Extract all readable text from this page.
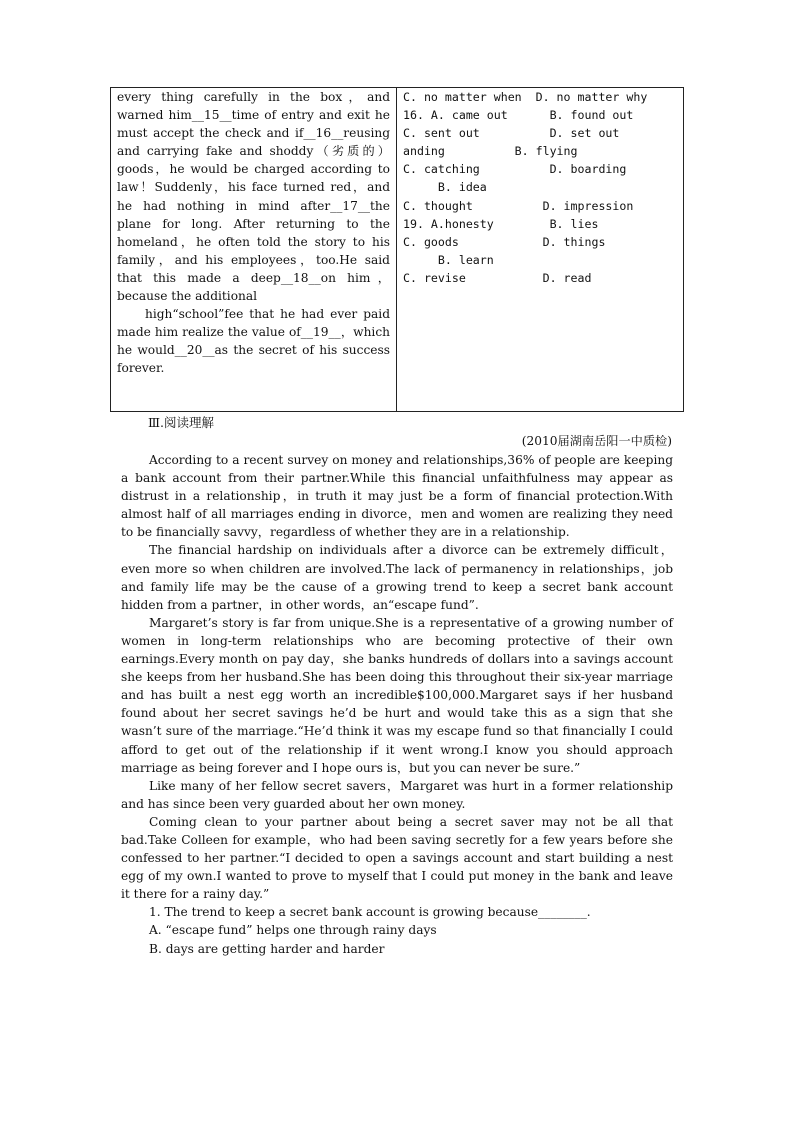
every thing carefully in the box，and warned him__15__time of entry and exit he must accept the check and if__16__reusing and carrying fake and shoddy（劣质的）goods，he would be charged according to law！Suddenly，his face turned red，and he had nothing in mind after__17__the plane for long. After returning to the homeland，he often told the story to his family，and his employees，too.He said that this made a deep__18__on him，because the additional

high“school”fee that he had ever paid made him realize the value of__19__，which he would__20__as the secret of his success forever.

C. no matter when  D. no matter why
16. A. came out      B. found out
C. sent out          D. set out
anding          B. flying
C. catching          D. boarding
B. idea
C. thought          D. impression
19. A.honesty        B. lies
C. goods            D. things
B. learn
C. revise           D. read
Ⅲ.阅读理解
(2010届湖南岳阳一中质检)

According to a recent survey on money and relationships,36% of people are keeping a bank account from their partner.While this financial unfaithfulness may appear as distrust in a relationship，in truth it may just be a form of financial protection.With almost half of all marriages ending in divorce，men and women are realizing they need to be financially savvy，regardless of whether they are in a relationship.

The financial hardship on individuals after a divorce can be extremely difficult，even more so when children are involved.The lack of permanency in relationships，job and family life may be the cause of a growing trend to keep a secret bank account hidden from a partner，in other words，an“escape fund”.

Margaret’s story is far from unique.She is a representative of a growing number of women in long-term relationships who are becoming protective of their own earnings.Every month on pay day，she banks hundreds of dollars into a savings account she keeps from her husband.She has been doing this throughout their six-year marriage and has built a nest egg worth an incredible$100,000.Margaret says if her husband found about her secret savings he’d be hurt and would take this as a sign that she wasn’t sure of the marriage.“He’d think it was my escape fund so that financially I could afford to get out of the relationship if it went wrong.I know you should approach marriage as being forever and I hope ours is，but you can never be sure.”

Like many of her fellow secret savers，Margaret was hurt in a former relationship and has since been very guarded about her own money.

Coming clean to your partner about being a secret saver may not be all that bad.Take Colleen for example，who had been saving secretly for a few years before she confessed to her partner.“I decided to open a savings account and start building a nest egg of my own.I wanted to prove to myself that I could put money in the bank and leave it there for a rainy day.”

1. The trend to keep a secret bank account is growing because________.

A. “escape fund” helps one through rainy days

B. days are getting harder and harder
